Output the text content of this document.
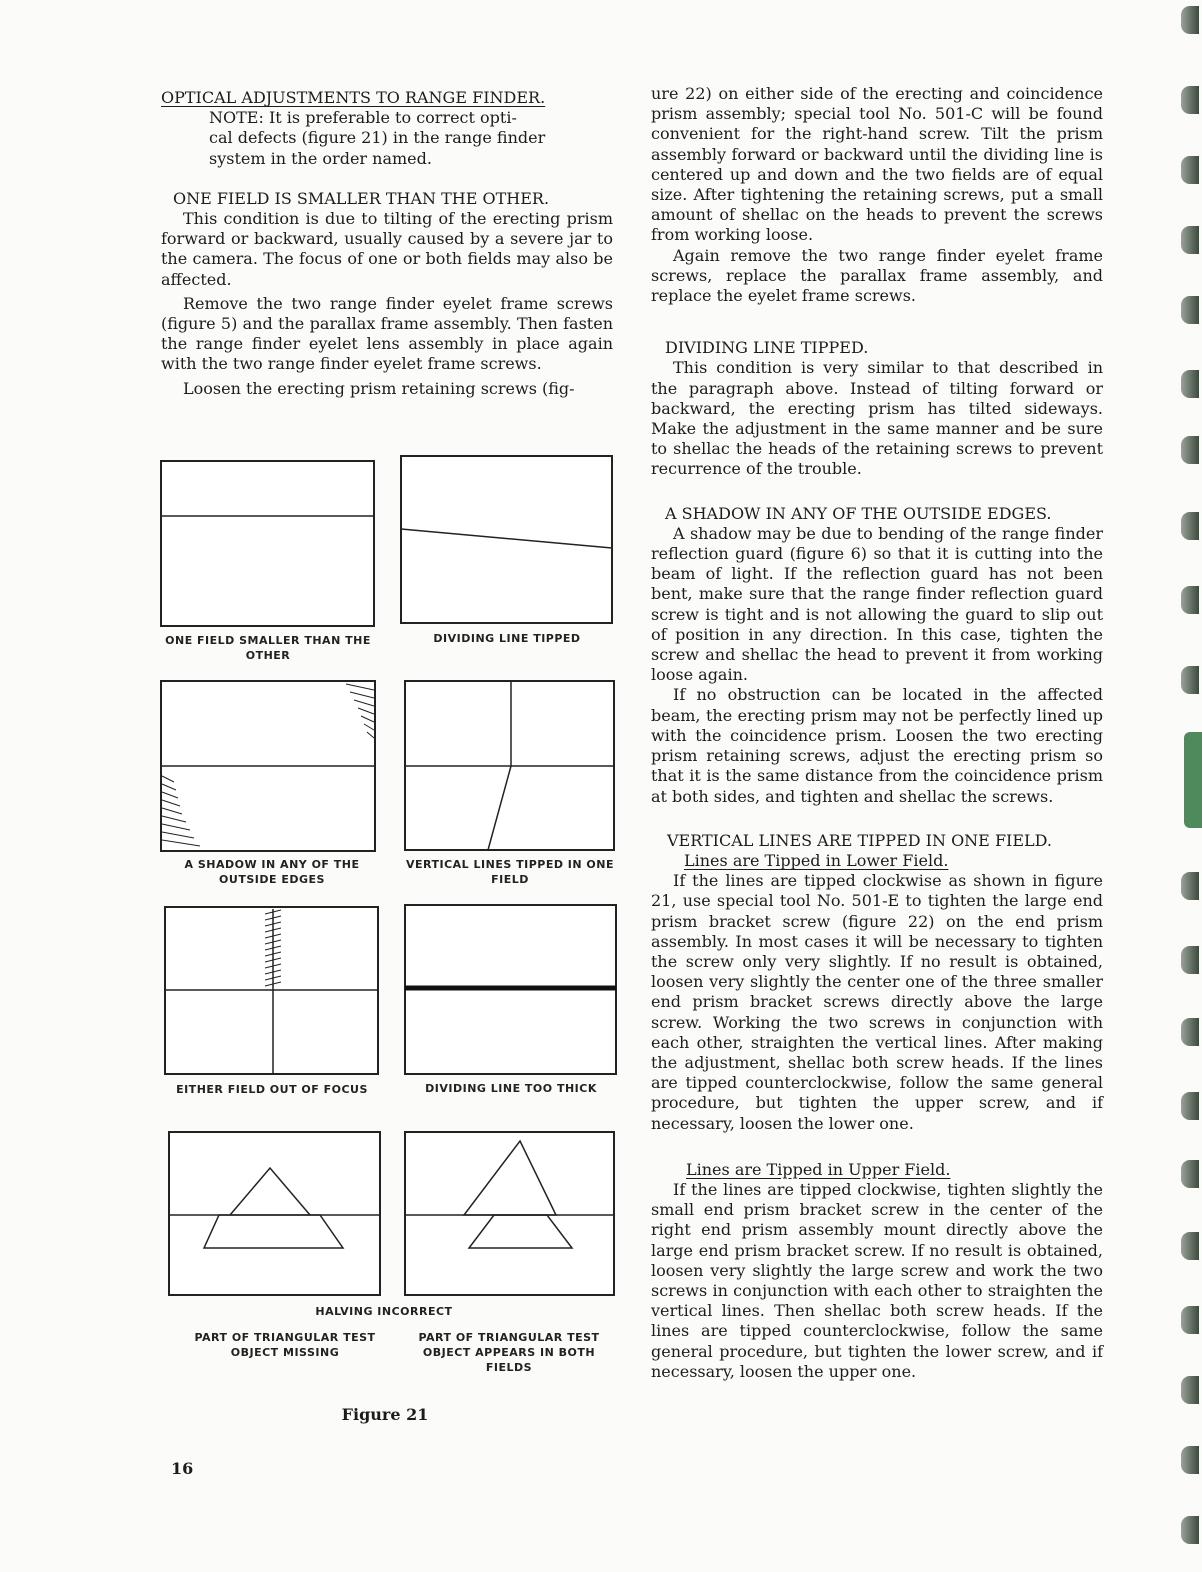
OPTICAL ADJUSTMENTS TO RANGE FINDER.

NOTE: It is preferable to correct opti-
cal defects (figure 21) in the range finder
system in the order named.

ONE FIELD IS SMALLER THAN THE OTHER.

This condition is due to tilting of the erecting prism forward or backward, usually caused by a severe jar to the camera. The focus of one or both fields may also be affected.

Remove the two range finder eyelet frame screws (figure 5) and the parallax frame assembly. Then fasten the range finder eyelet lens assembly in place again with the two range finder eyelet frame screws.

Loosen the erecting prism retaining screws (fig-

ONE FIELD SMALLER THAN THE OTHER
DIVIDING LINE TIPPED
A SHADOW IN ANY OF THE OUTSIDE EDGES
VERTICAL LINES TIPPED IN ONE FIELD
EITHER FIELD OUT OF FOCUS	DIVIDING LINE TOO THICK
HALVING INCORRECT
PART OF TRIANGULAR TEST OBJECT MISSING
PART OF TRIANGULAR TEST OBJECT APPEARS IN BOTH FIELDS
Figure 21
16

ure 22) on either side of the erecting and coincidence prism assembly; special tool No. 501-C will be found convenient for the right-hand screw. Tilt the prism assembly forward or backward until the dividing line is centered up and down and the two fields are of equal size. After tightening the retaining screws, put a small amount of shellac on the heads to prevent the screws from working loose.

Again remove the two range finder eyelet frame screws, replace the parallax frame assembly, and replace the eyelet frame screws.

DIVIDING LINE TIPPED.

This condition is very similar to that described in the paragraph above. Instead of tilting forward or backward, the erecting prism has tilted sideways. Make the adjustment in the same manner and be sure to shellac the heads of the retaining screws to prevent recurrence of the trouble.

A SHADOW IN ANY OF THE OUTSIDE EDGES.

A shadow may be due to bending of the range finder reflection guard (figure 6) so that it is cutting into the beam of light. If the reflection guard has not been bent, make sure that the range finder reflection guard screw is tight and is not allowing the guard to slip out of position in any direction. In this case, tighten the screw and shellac the head to prevent it from working loose again.

If no obstruction can be located in the affected beam, the erecting prism may not be perfectly lined up with the coincidence prism. Loosen the two erecting prism retaining screws, adjust the erecting prism so that it is the same distance from the coincidence prism at both sides, and tighten and shellac the screws.

VERTICAL LINES ARE TIPPED IN ONE FIELD.

Lines are Tipped in Lower Field.

If the lines are tipped clockwise as shown in figure 21, use special tool No. 501-E to tighten the large end prism bracket screw (figure 22) on the end prism assembly. In most cases it will be necessary to tighten the screw only very slightly. If no result is obtained, loosen very slightly the center one of the three smaller end prism bracket screws directly above the large screw. Working the two screws in conjunction with each other, straighten the vertical lines. After making the adjustment, shellac both screw heads. If the lines are tipped counterclockwise, follow the same general procedure, but tighten the upper screw, and if necessary, loosen the lower one.

Lines are Tipped in Upper Field.

If the lines are tipped clockwise, tighten slightly the small end prism bracket screw in the center of the right end prism assembly mount directly above the large end prism bracket screw. If no result is obtained, loosen very slightly the large screw and work the two screws in conjunction with each other to straighten the vertical lines. Then shellac both screw heads. If the lines are tipped counterclockwise, follow the same general procedure, but tighten the lower screw, and if necessary, loosen the upper one.
